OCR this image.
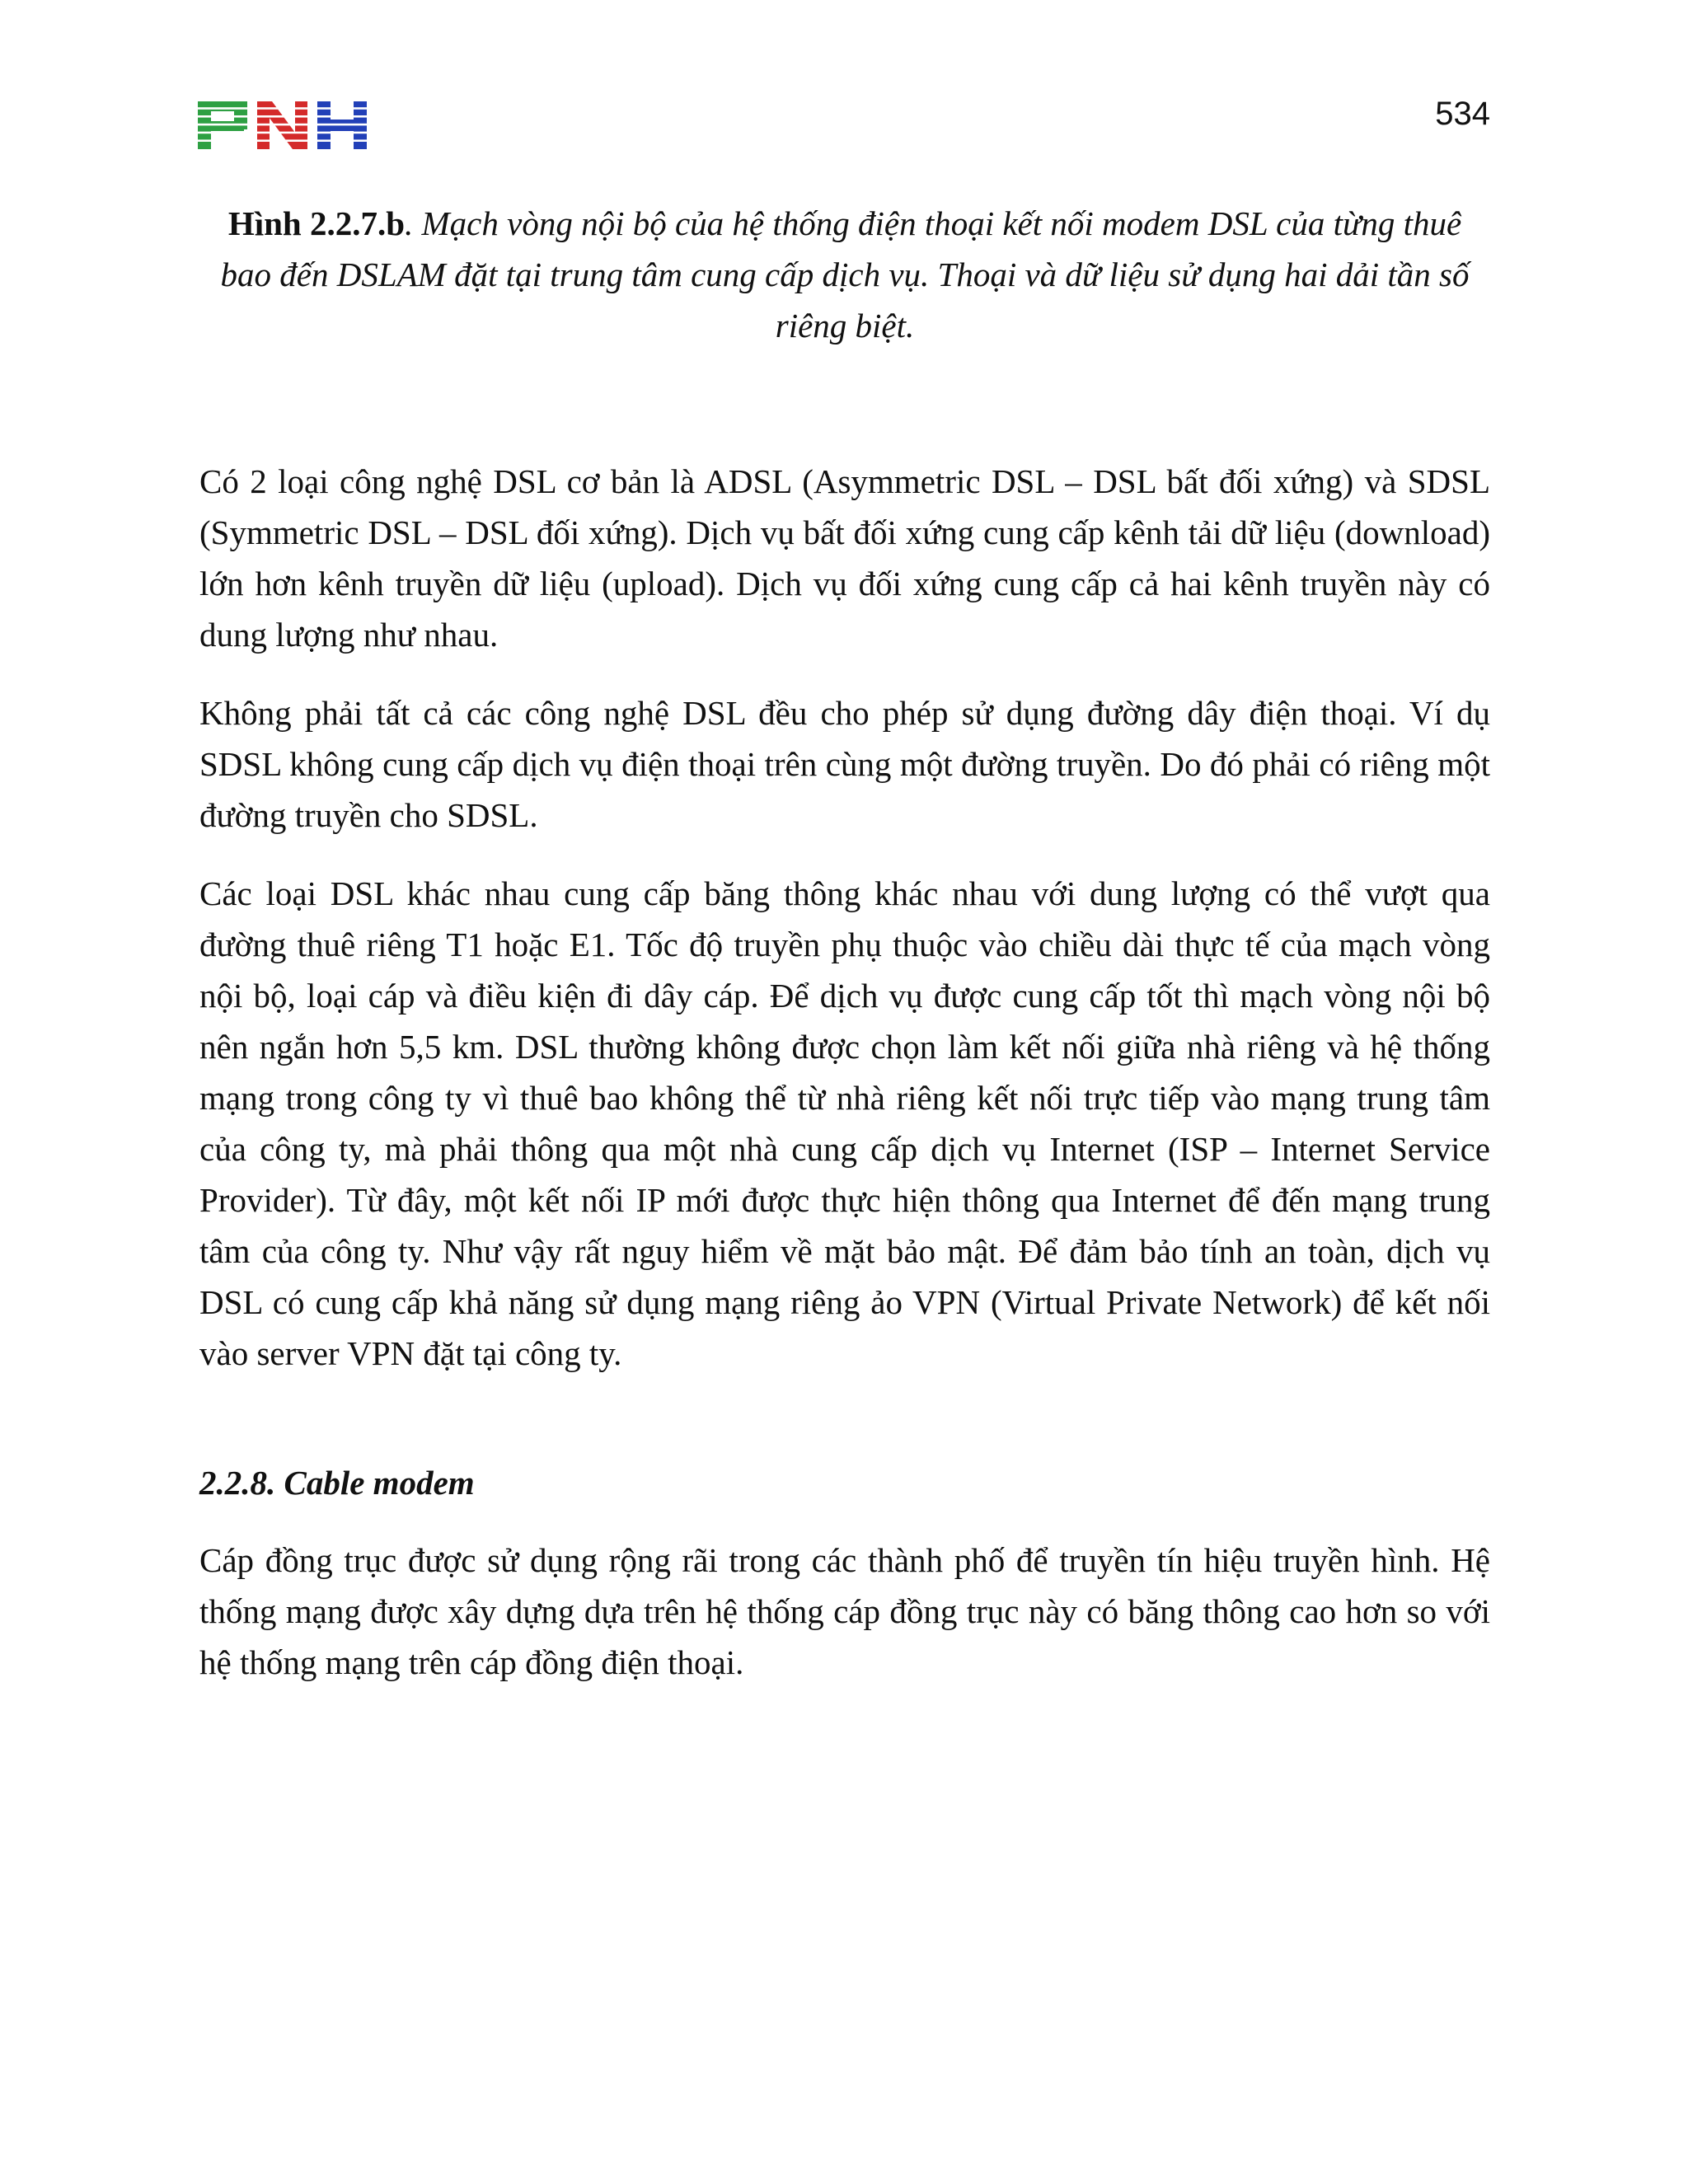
534

Hình 2.2.7.b. Mạch vòng nội bộ của hệ thống điện thoại kết nối modem DSL của từng thuê bao đến DSLAM đặt tại trung tâm cung cấp dịch vụ. Thoại và dữ liệu sử dụng hai dải tần số riêng biệt.

Có 2 loại công nghệ DSL cơ bản là ADSL (Asymmetric DSL – DSL bất đối xứng) và SDSL (Symmetric DSL – DSL đối xứng). Dịch vụ bất đối xứng cung cấp kênh tải dữ liệu (download) lớn hơn kênh truyền dữ liệu (upload). Dịch vụ đối xứng cung cấp cả hai kênh truyền này có dung lượng như nhau.

Không phải tất cả các công nghệ DSL đều cho phép sử dụng đường dây điện thoại. Ví dụ SDSL không cung cấp dịch vụ điện thoại trên cùng một đường truyền. Do đó phải có riêng một đường truyền cho SDSL.

Các loại DSL khác nhau cung cấp băng thông khác nhau với dung lượng có thể vượt qua đường thuê riêng T1 hoặc E1. Tốc độ truyền phụ thuộc vào chiều dài thực tế của mạch vòng nội bộ, loại cáp và điều kiện đi dây cáp. Để dịch vụ được cung cấp tốt thì mạch vòng nội bộ nên ngắn hơn 5,5 km. DSL thường không được chọn làm kết nối giữa nhà riêng và hệ thống mạng trong công ty vì thuê bao không thể từ nhà riêng kết nối trực tiếp vào mạng trung tâm của công ty, mà phải thông qua một nhà cung cấp dịch vụ Internet (ISP – Internet Service Provider). Từ đây, một kết nối IP mới được thực hiện thông qua Internet để đến mạng trung tâm của công ty. Như vậy rất nguy hiểm về mặt bảo mật. Để đảm bảo tính an toàn, dịch vụ DSL có cung cấp khả năng sử dụng mạng riêng ảo VPN (Virtual Private Network) để kết nối vào server VPN đặt tại công ty.

2.2.8. Cable modem

Cáp đồng trục được sử dụng rộng rãi trong các thành phố để truyền tín hiệu truyền hình. Hệ thống mạng được xây dựng dựa trên hệ thống cáp đồng trục này có băng thông cao hơn so với hệ thống mạng trên cáp đồng điện thoại.
